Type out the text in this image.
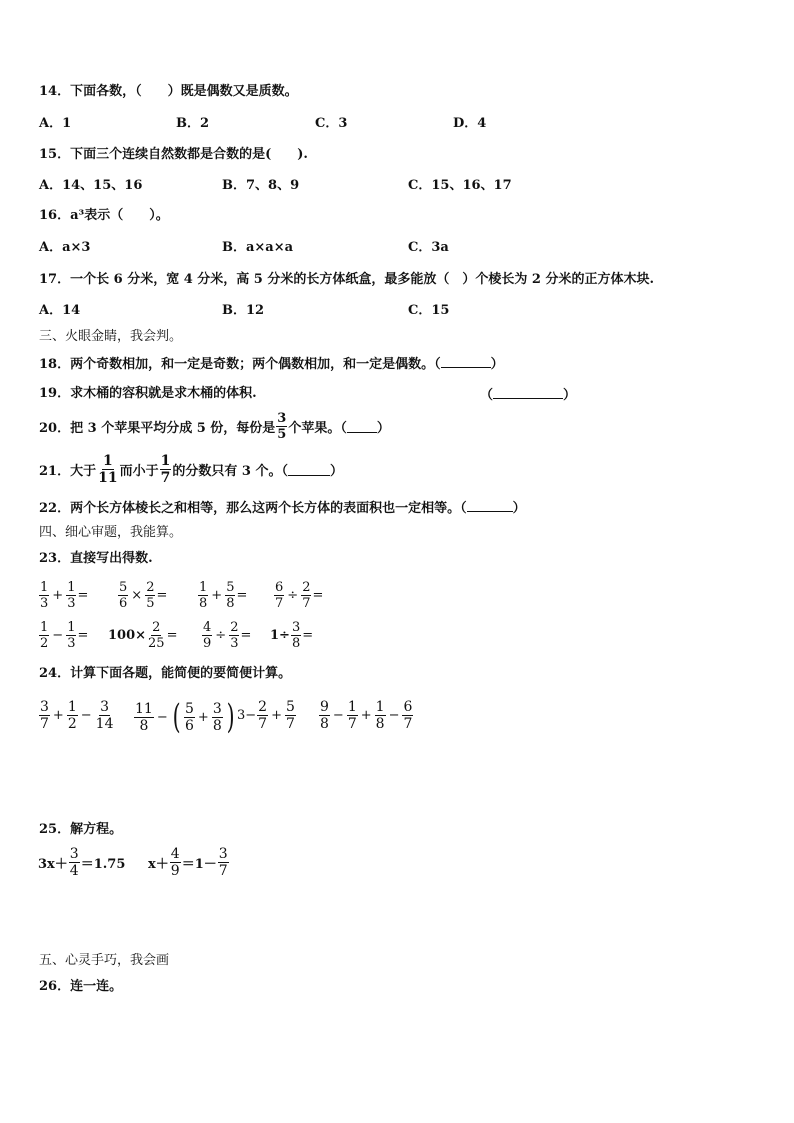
14．下面各数，（　　）既是偶数又是质数。
A．1	B．2	C．3	D．4
15．下面三个连续自然数都是合数的是(　　).
A．14、15、16	B．7、8、9	C．15、16、17
16．a³表示（　　）。
A．a×3	B．a×a×a	C．3a
17．一个长 6 分米，宽 4 分米，高 5 分米的长方体纸盒，最多能放（　）个棱长为 2 分米的正方体木块.
A．14	B．12	C．15
三、火眼金睛，我会判。
18．两个奇数相加，和一定是奇数；两个偶数相加，和一定是偶数。（	）
19．求木桶的容积就是求木桶的体积.	（	）
20．把 3 个苹果平均分成 5 份，每份是 $\frac{3}{5}$ 个苹果。（ ）
21．大于 $\frac{1}{11}$ 而小于 $\frac{1}{7}$ 的分数只有 3 个。（	）
22．两个长方体棱长之和相等，那么这两个长方体的表面积也一定相等。（	）
四、细心审题，我能算。
23．直接写出得数.
$\frac{1}{3} + \frac{1}{3} = \frac{5}{6} \times \frac{2}{5} = \frac{1}{8} + \frac{5}{8} = \frac{6}{7} \div \frac{2}{7}$ =
$\frac{1}{2} - \frac{1}{3} = 100\times \frac{2}{25} = \frac{4}{9} \div \frac{2}{3} = 1\div \frac{3}{8}$ =
24．计算下面各题，能简便的要简便计算。
$\frac{3}{7} + \frac{1}{2} - \frac{3}{14} \frac{11}{8}$ − ( $\frac{5}{6} + \frac{3}{8}$ ) $3- \frac{2}{7} + \frac{5}{7} \frac{9}{8} - \frac{1}{7} + \frac{1}{8} - \frac{6}{7}$
25．解方程。
$3x+ \frac{3}{4} =1.75$ $x+ \frac{4}{9} =1- \frac{3}{7}$
五、心灵手巧，我会画
26．连一连。
